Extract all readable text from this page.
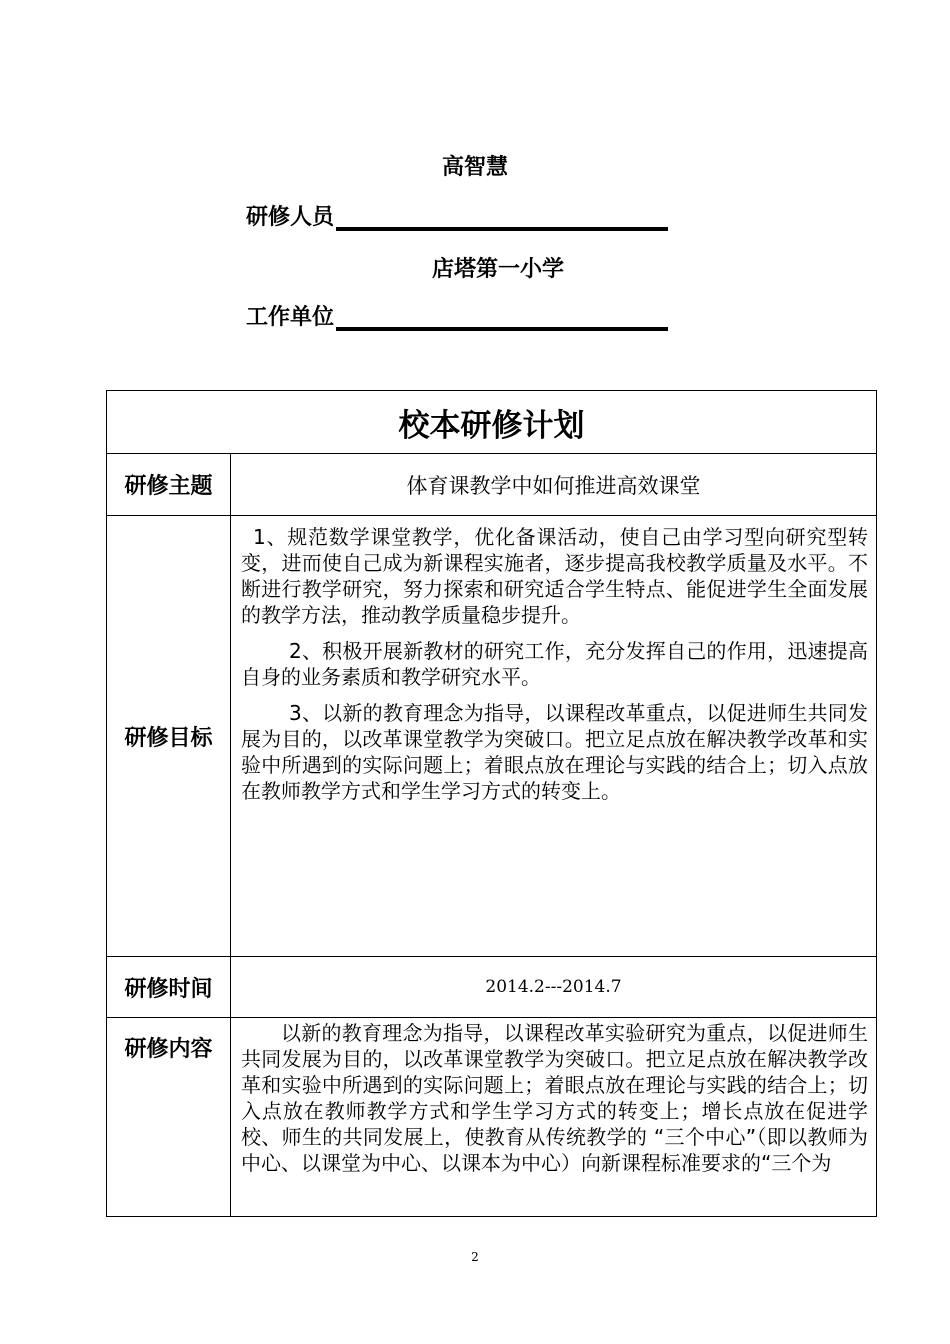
高智慧
研修人员
店塔第一小学
工作单位
校本研修计划	
研修主题	体育课教学中如何推进高效课堂
研修目标	1、规范数学课堂教学，优化备课活动，使自己由学习型向研究型转变，进而使自己成为新课程实施者，逐步提高我校教学质量及水平。不断进行教学研究，努力探索和研究适合学生特点、能促进学生全面发展的教学方法，推动教学质量稳步提升。

2、积极开展新教材的研究工作，充分发挥自己的作用，迅速提高自身的业务素质和教学研究水平。

3、以新的教育理念为指导，以课程改革重点，以促进师生共同发展为目的，以改革课堂教学为突破口。把立足点放在解决教学改革和实验中所遇到的实际问题上；着眼点放在理论与实践的结合上；切入点放在教师教学方式和学生学习方式的转变上。

研修时间	2014.2---2014.7
研修内容	以新的教育理念为指导，以课程改革实验研究为重点，以促进师生共同发展为目的，以改革课堂教学为突破口。把立足点放在解决教学改革和实验中所遇到的实际问题上；着眼点放在理论与实践的结合上；切入点放在教师教学方式和学生学习方式的转变上；增长点放在促进学校、师生的共同发展上，使教育从传统教学的 “三个中心”（即以教师为中心、以课堂为中心、以课本为中心）向新课程标准要求的“三个为
2
